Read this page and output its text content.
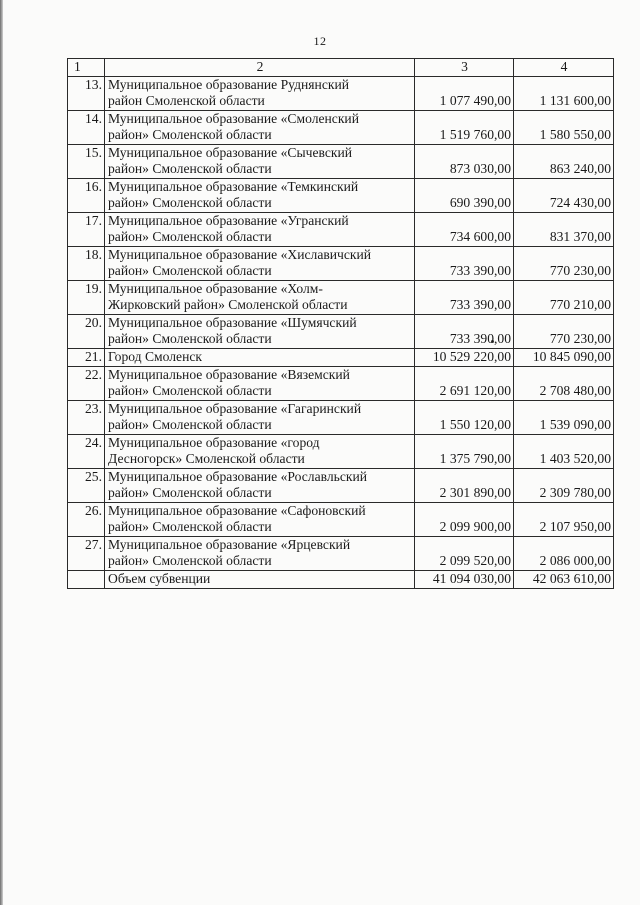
12
1	2	3	4
13.	Муниципальное образование Руднянский
район Смоленской области	1 077 490,00	1 131 600,00
14.	Муниципальное образование «Смоленский
район» Смоленской области	1 519 760,00	1 580 550,00
15.	Муниципальное образование «Сычевский
район» Смоленской области	873 030,00	863 240,00
16.	Муниципальное образование «Темкинский
район» Смоленской области	690 390,00	724 430,00
17.	Муниципальное образование «Угранский
район» Смоленской области	734 600,00	831 370,00
18.	Муниципальное образование «Хиславичский
район» Смоленской области	733 390,00	770 230,00
19.	Муниципальное образование «Холм-
Жирковский район» Смоленской области	733 390,00	770 210,00
20.	Муниципальное образование «Шумячский
район» Смоленской области	733 390,00	770 230,00
21.	Город Смоленск	10 529 220,00	10 845 090,00
22.	Муниципальное образование «Вяземский
район» Смоленской области	2 691 120,00	2 708 480,00
23.	Муниципальное образование «Гагаринский
район» Смоленской области	1 550 120,00	1 539 090,00
24.	Муниципальное образование «город
Десногорск» Смоленской области	1 375 790,00	1 403 520,00
25.	Муниципальное образование «Рославльский
район» Смоленской области	2 301 890,00	2 309 780,00
26.	Муниципальное образование «Сафоновский
район» Смоленской области	2 099 900,00	2 107 950,00
27.	Муниципальное образование «Ярцевский
район» Смоленской области	2 099 520,00	2 086 000,00
	Объем субвенции	41 094 030,00	42 063 610,00
